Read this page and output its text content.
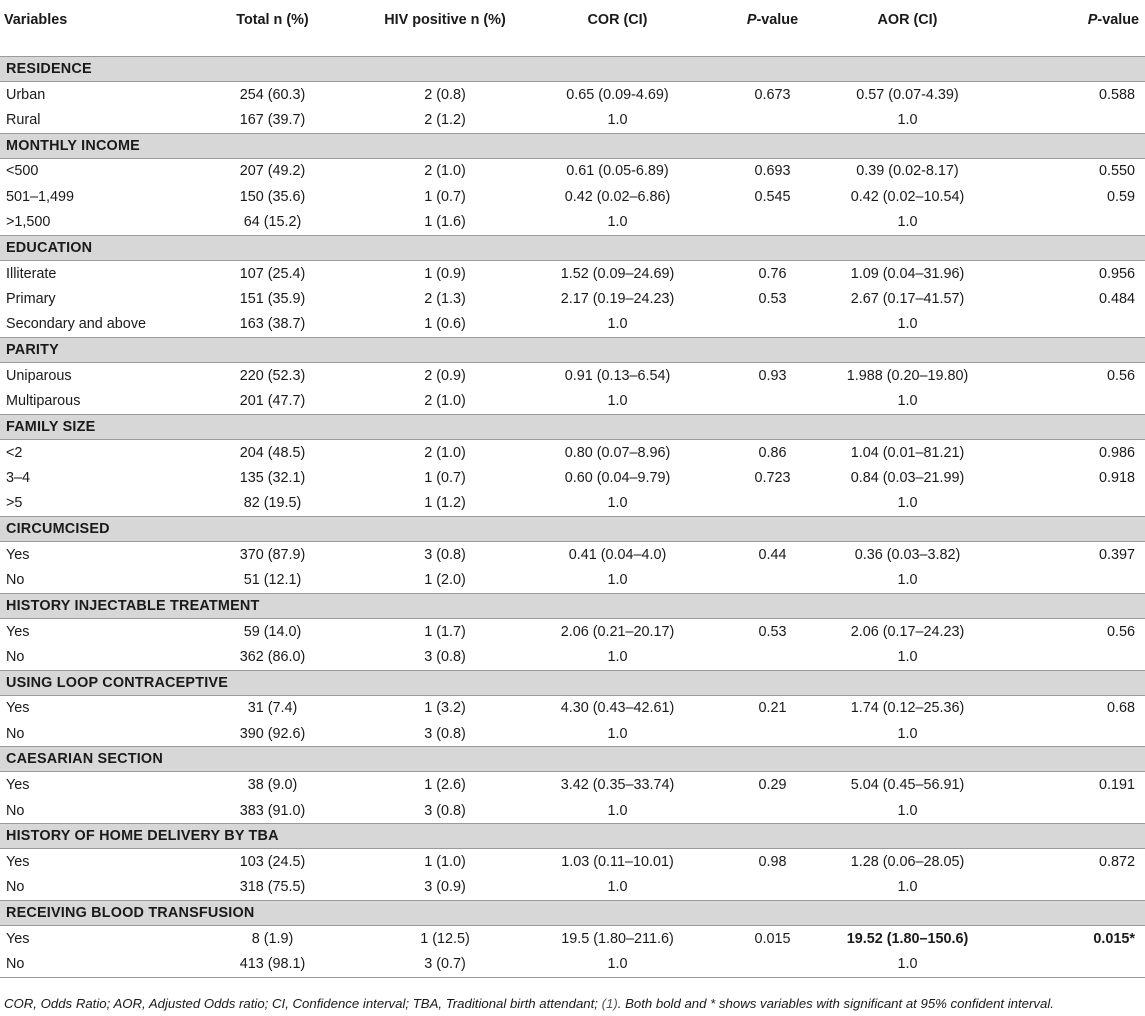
Variables	Total n (%)	HIV positive n (%)	COR (CI)	P-value	AOR (CI)	P-value
RESIDENCE						
Urban	254 (60.3)	2 (0.8)	0.65 (0.09-4.69)	0.673	0.57 (0.07-4.39)	0.588
Rural	167 (39.7)	2 (1.2)	1.0		1.0	
MONTHLY INCOME						
<500	207 (49.2)	2 (1.0)	0.61 (0.05-6.89)	0.693	0.39 (0.02-8.17)	0.550
501–1,499	150 (35.6)	1 (0.7)	0.42 (0.02–6.86)	0.545	0.42 (0.02–10.54)	0.59
>1,500	64 (15.2)	1 (1.6)	1.0		1.0	
EDUCATION						
Illiterate	107 (25.4)	1 (0.9)	1.52 (0.09–24.69)	0.76	1.09 (0.04–31.96)	0.956
Primary	151 (35.9)	2 (1.3)	2.17 (0.19–24.23)	0.53	2.67 (0.17–41.57)	0.484
Secondary and above	163 (38.7)	1 (0.6)	1.0		1.0	
PARITY						
Uniparous	220 (52.3)	2 (0.9)	0.91 (0.13–6.54)	0.93	1.988 (0.20–19.80)	0.56
Multiparous	201 (47.7)	2 (1.0)	1.0		1.0	
FAMILY SIZE						
<2	204 (48.5)	2 (1.0)	0.80 (0.07–8.96)	0.86	1.04 (0.01–81.21)	0.986
3–4	135 (32.1)	1 (0.7)	0.60 (0.04–9.79)	0.723	0.84 (0.03–21.99)	0.918
>5	82 (19.5)	1 (1.2)	1.0		1.0	
CIRCUMCISED						
Yes	370 (87.9)	3 (0.8)	0.41 (0.04–4.0)	0.44	0.36 (0.03–3.82)	0.397
No	51 (12.1)	1 (2.0)	1.0		1.0	
HISTORY INJECTABLE TREATMENT						
Yes	59 (14.0)	1 (1.7)	2.06 (0.21–20.17)	0.53	2.06 (0.17–24.23)	0.56
No	362 (86.0)	3 (0.8)	1.0		1.0	
USING LOOP CONTRACEPTIVE						
Yes	31 (7.4)	1 (3.2)	4.30 (0.43–42.61)	0.21	1.74 (0.12–25.36)	0.68
No	390 (92.6)	3 (0.8)	1.0		1.0	
CAESARIAN SECTION						
Yes	38 (9.0)	1 (2.6)	3.42 (0.35–33.74)	0.29	5.04 (0.45–56.91)	0.191
No	383 (91.0)	3 (0.8)	1.0		1.0	
HISTORY OF HOME DELIVERY BY TBA						
Yes	103 (24.5)	1 (1.0)	1.03 (0.11–10.01)	0.98	1.28 (0.06–28.05)	0.872
No	318 (75.5)	3 (0.9)	1.0		1.0	
RECEIVING BLOOD TRANSFUSION						
Yes	8 (1.9)	1 (12.5)	19.5 (1.80–211.6)	0.015	19.52 (1.80–150.6)	0.015*
No	413 (98.1)	3 (0.7)	1.0		1.0	
COR, Odds Ratio; AOR, Adjusted Odds ratio; CI, Confidence interval; TBA, Traditional birth attendant; (1). Both bold and * shows variables with significant at 95% confident interval.
